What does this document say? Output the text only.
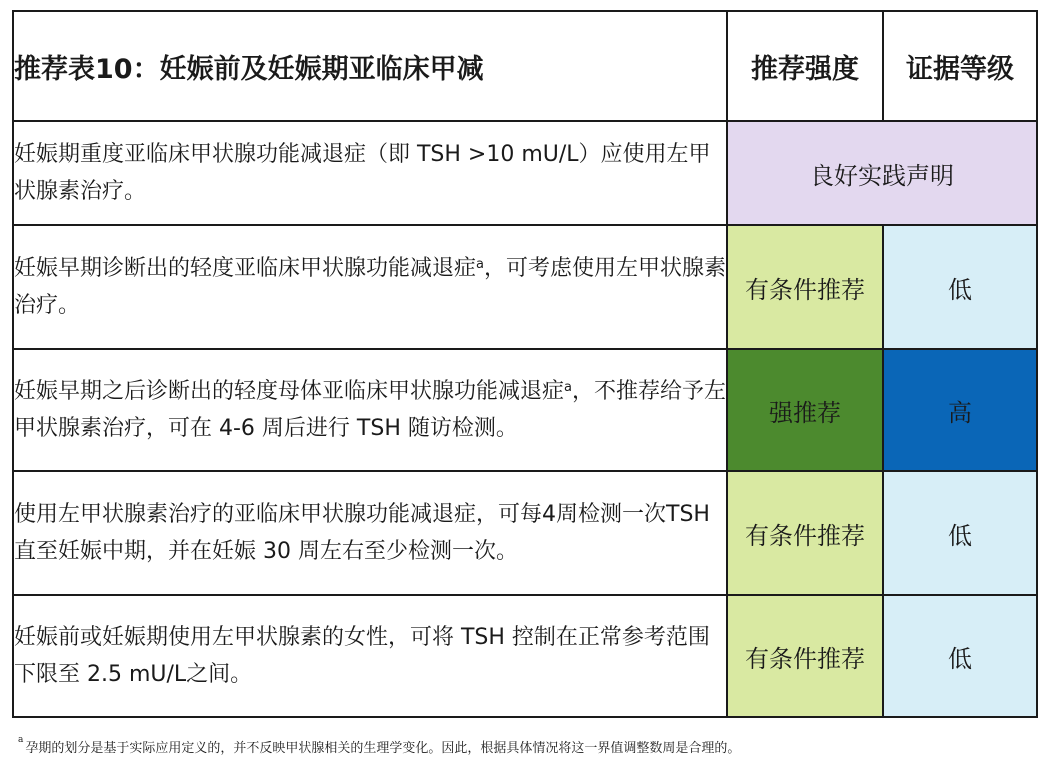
推荐表10：妊娠前及妊娠期亚临床甲减	推荐强度	证据等级
妊娠期重度亚临床甲状腺功能减退症（即 TSH >10 mU/L）应使用左甲状腺素治疗。	良好实践声明	
妊娠早期诊断出的轻度亚临床甲状腺功能减退症$^a$，可考虑使用左甲状腺素治疗。	有条件推荐	低
妊娠早期之后诊断出的轻度母体亚临床甲状腺功能减退症$^a$，不推荐给予左甲状腺素治疗，可在 4-6 周后进行 TSH 随访检测。	强推荐	高
使用左甲状腺素治疗的亚临床甲状腺功能减退症，可每4周检测一次TSH直至妊娠中期，并在妊娠 30 周左右至少检测一次。	有条件推荐	低
妊娠前或妊娠期使用左甲状腺素的女性，可将 TSH 控制在正常参考范围下限至 2.5 mU/L之间。	有条件推荐	低
$^a$孕期的划分是基于实际应用定义的，并不反映甲状腺相关的生理学变化。因此，根据具体情况将这一界值调整数周是合理的。
